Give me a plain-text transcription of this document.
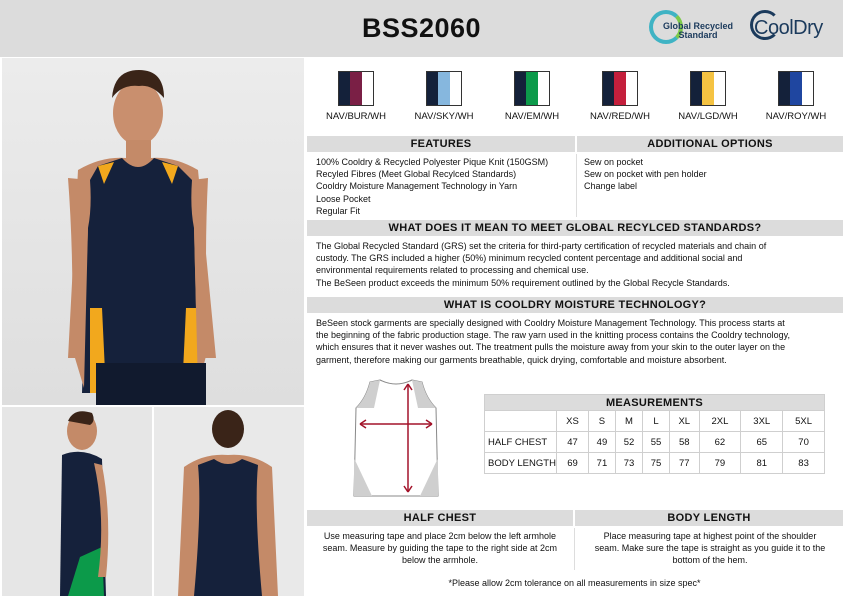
BSS2060	Global Recycled Standard	CoolDry
NAV/BUR/WH	NAV/SKY/WH	NAV/EM/WH	NAV/RED/WH	NAV/LGD/WH	NAV/ROY/WH
FEATURES	ADDITIONAL OPTIONS
100% Cooldry & Recycled Polyester Pique Knit (150GSM)
Recyled Fibres (Meet Global Recylced Standards)
Cooldry Moisture Management Technology in Yarn
Loose Pocket
Regular Fit
Sew on pocket
Sew on pocket with pen holder
Change label
WHAT DOES IT MEAN TO MEET GLOBAL RECYLCED STANDARDS?
The Global Recycled Standard (GRS) set the criteria for third-party certification of recycled materials and chain of
custody. The GRS included a higher (50%) minimum recycled content percentage and additional social and
environmental requirements related to processing and chemical use.
The BeSeen product exceeds the minimum 50% requirement outlined by the Global Recycle Standards.
WHAT IS COOLDRY MOISTURE TECHNOLOGY?
BeSeen stock garments are specially designed with Cooldry Moisture Management Technology. This process starts at
the beginning of the fabric production stage. The raw yarn used in the knitting process contains the Cooldry technology,
which ensures that it never washes out. The treatment pulls the moisture away from your skin to the outer layer on the
garment, therefore making our garments breathable, quick drying, comfortable and moisture absorbent.
MEASUREMENTS								
	XS	S	M	L	XL	2XL	3XL	5XL
HALF CHEST	47	49	52	55	58	62	65	70
BODY LENGTH	69	71	73	75	77	79	81	83
HALF CHEST	BODY LENGTH
Use measuring tape and place 2cm below the left armhole
seam. Measure by guiding the tape to the right side at 2cm
below the armhole.
Place measuring tape at highest point of the shoulder
seam. Make sure the tape is straight as you guide it to the
bottom of the hem.
*Please allow 2cm tolerance on all measurements in size spec*
